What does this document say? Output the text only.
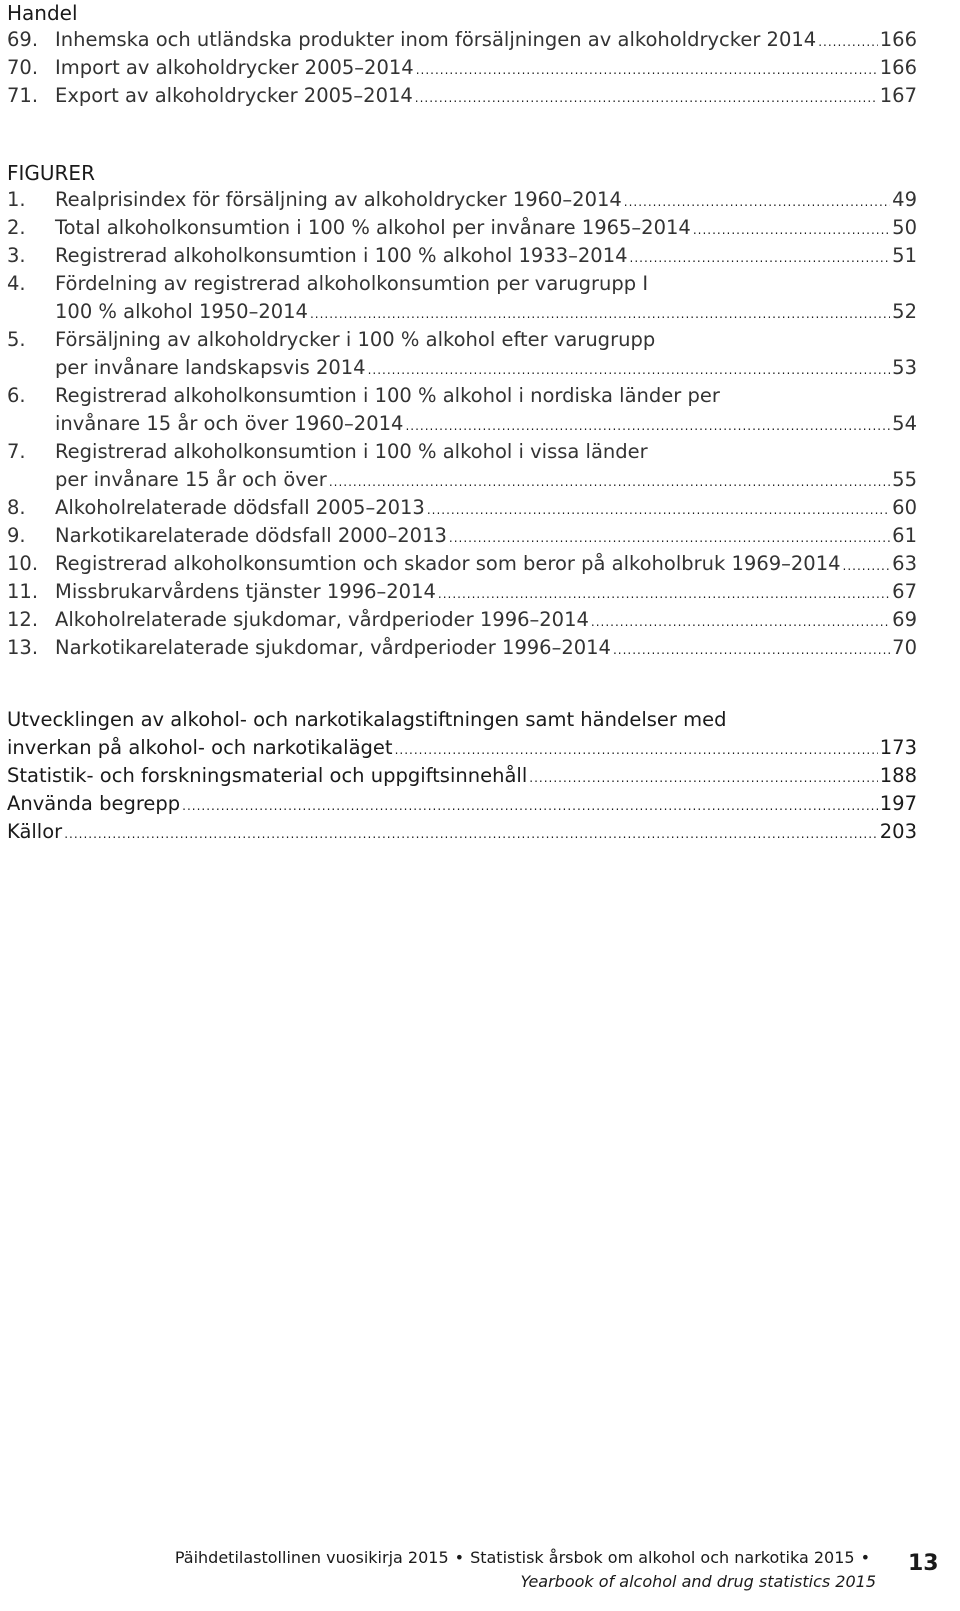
Handel
69. Inhemska och utländska produkter inom försäljningen av alkoholdrycker 2014 .....	166
70. Import av alkoholdrycker 2005–2014 .....	166
71. Export av alkoholdrycker 2005–2014 .....	167
FIGURER
1.	Realprisindex för försäljning av alkoholdrycker 1960–2014 .....	49
2.	Total alkoholkonsumtion i 100 % alkohol per invånare 1965–2014 .....	50
3.	Registrerad alkoholkonsumtion i 100 % alkohol 1933–2014 .....	51
4.	Fördelning av registrerad alkoholkonsumtion per varugrupp I
100 % alkohol 1950–2014 .....	52
5.	Försäljning av alkoholdrycker i 100 % alkohol efter varugrupp
per invånare landskapsvis 2014 .....	53
6.	Registrerad alkoholkonsumtion i 100 % alkohol i nordiska länder per
invånare 15 år och över 1960–2014 .....	54
7.	Registrerad alkoholkonsumtion i 100 % alkohol i vissa länder
per invånare 15 år och över .....	55
8.	Alkoholrelaterade dödsfall 2005–2013 .....	60
9.	Narkotikarelaterade dödsfall 2000–2013 .....	61
10. Registrerad alkoholkonsumtion och skador som beror på alkoholbruk 1969–2014 .....	63
11. Missbrukarvårdens tjänster 1996–2014 .....	67
12. Alkoholrelaterade sjukdomar, vårdperioder 1996–2014 .....	69
13. Narkotikarelaterade sjukdomar, vårdperioder 1996–2014 .....	70
Utvecklingen av alkohol- och narkotikalagstiftningen samt händelser med
inverkan på alkohol- och narkotikaläget .....	173
Statistik- och forskningsmaterial och uppgiftsinnehåll .....	188
Använda begrepp .....	197
Källor .....	203
Päihdetilastollinen vuosikirja 2015 • Statistisk årsbok om alkohol och narkotika 2015 •
Yearbook of alcohol and drug statistics 2015
13
